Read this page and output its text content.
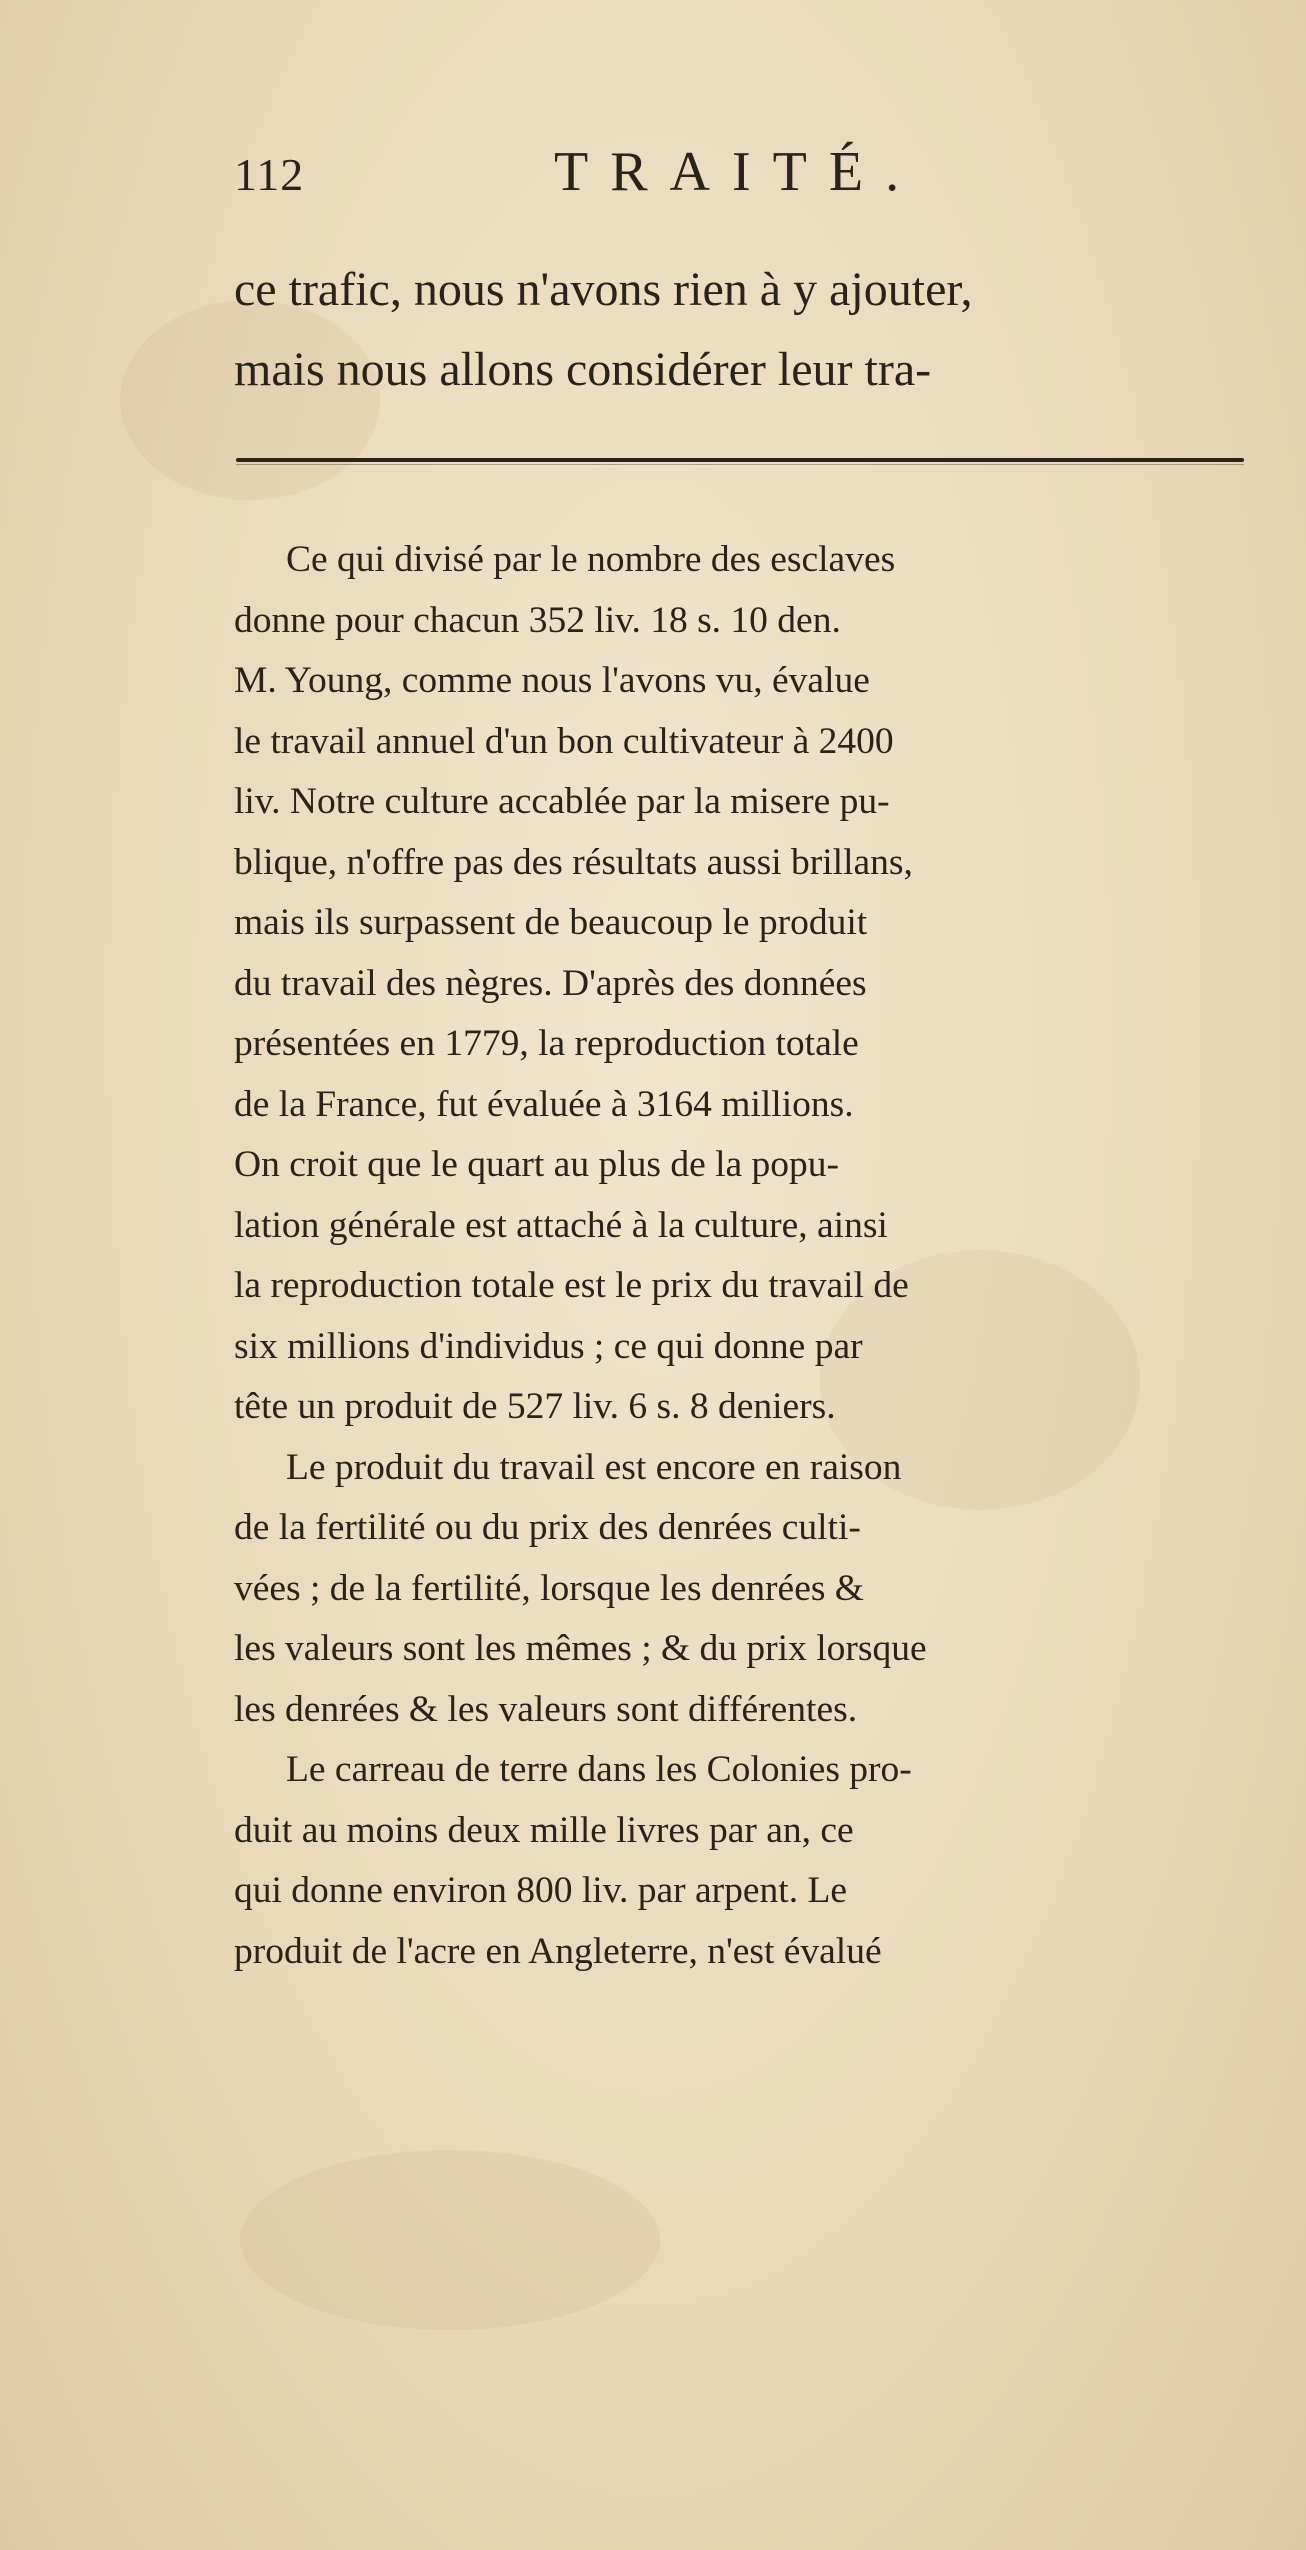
112	TRAITÉ.
ce trafic, nous n'avons rien à y ajouter,
mais nous allons considérer leur tra-
Ce qui divisé par le nombre des esclaves
donne pour chacun 352 liv. 18 s. 10 den.
M. Young, comme nous l'avons vu, évalue
le travail annuel d'un bon cultivateur à 2400
liv. Notre culture accablée par la misere pu-
blique, n'offre pas des résultats aussi brillans,
mais ils surpassent de beaucoup le produit
du travail des nègres. D'après des données
présentées en 1779, la reproduction totale
de la France, fut évaluée à 3164 millions.
On croit que le quart au plus de la popu-
lation générale est attaché à la culture, ainsi
la reproduction totale est le prix du travail de
six millions d'individus ; ce qui donne par
tête un produit de 527 liv. 6 s. 8 deniers.
Le produit du travail est encore en raison
de la fertilité ou du prix des denrées culti-
vées ; de la fertilité, lorsque les denrées &
les valeurs sont les mêmes ; & du prix lorsque
les denrées & les valeurs sont différentes.
Le carreau de terre dans les Colonies pro-
duit au moins deux mille livres par an, ce
qui donne environ 800 liv. par arpent. Le
produit de l'acre en Angleterre, n'est évalué
